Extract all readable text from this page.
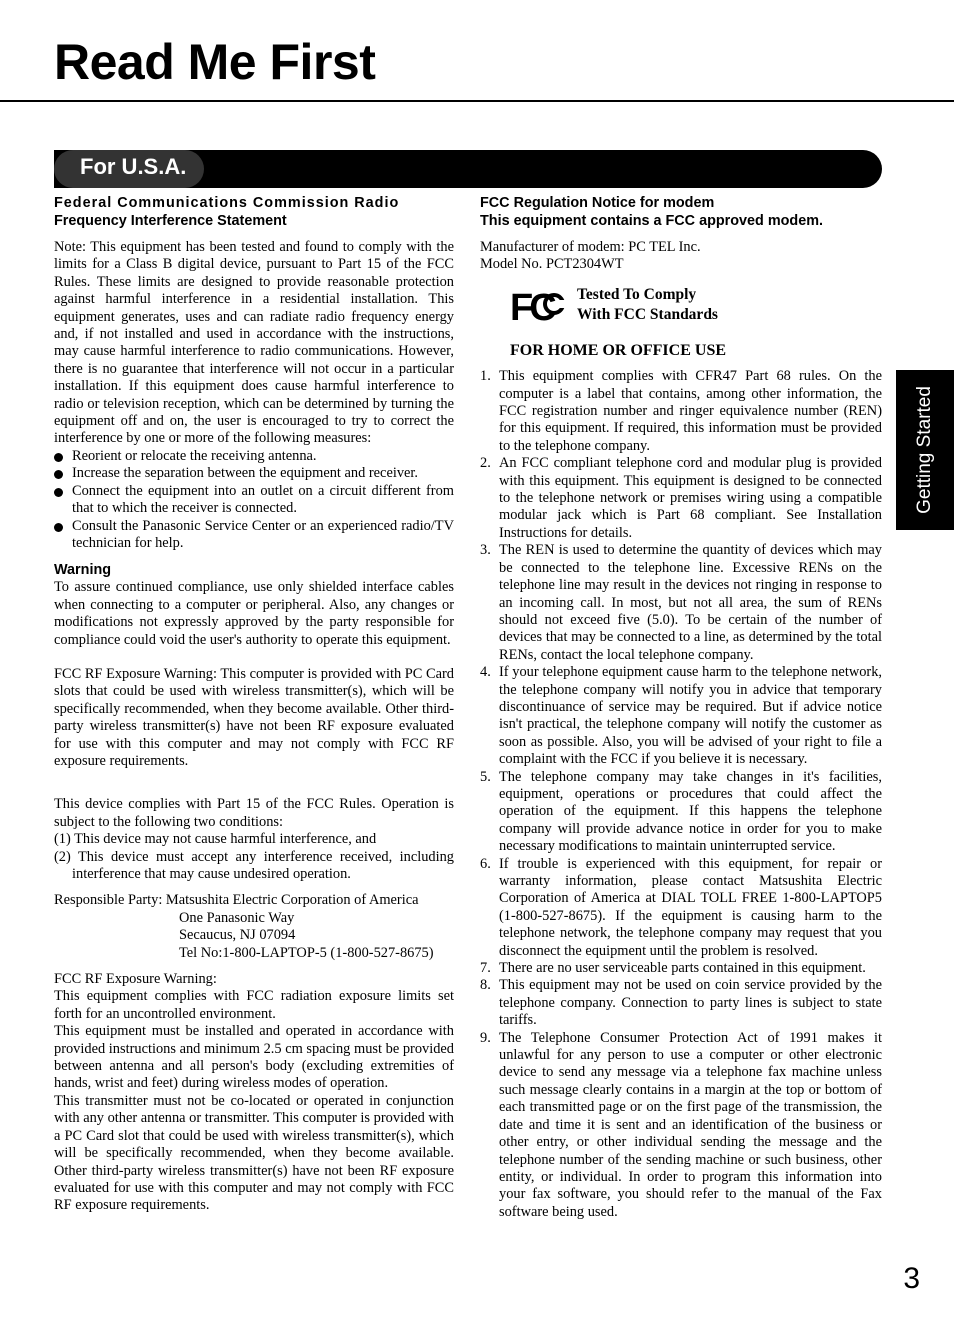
Read Me First
For U.S.A.
Getting Started
Federal Communications Commission Radio
Frequency Interference Statement

Note: This equipment has been tested and found to comply with the limits for a Class B digital device, pursuant to Part 15 of the FCC Rules. These limits are designed to provide reasonable protection against harmful interference in a residential installation. This equipment generates, uses and can radiate radio frequency energy and, if not installed and used in accordance with the instructions, may cause harmful interference to radio communications. However, there is no guarantee that interference will not occur in a particular installation. If this equipment does cause harmful interference to radio or television reception, which can be determined by turning the equipment off and on, the user is encouraged to try to correct the interference by one or more of the following measures:

Reorient or relocate the receiving antenna.
Increase the separation between the equipment and receiver.
Connect the equipment into an outlet on a circuit different from that to which the receiver is connected.
Consult the Panasonic Service Center or an experienced radio/TV technician for help.
Warning

To assure continued compliance, use only shielded interface cables when connecting to a computer or peripheral. Also, any changes or modifications not expressly approved by the party responsible for compliance could void the user's authority to operate this equipment.

FCC RF Exposure Warning: This computer is provided with PC Card slots that could be used with wireless transmitter(s), which will be specifically recommended, when they become available. Other third-party wireless transmitter(s) have not been RF exposure evaluated for use with this computer and may not comply with FCC RF exposure requirements.

This device complies with Part 15 of the FCC Rules. Operation is subject to the following two conditions:

(1) This device may not cause harmful interference, and

(2) This device must accept any interference received, including interference that may cause undesired operation.

Responsible Party: Matsushita Electric Corporation of America

One Panasonic Way
Secaucus, NJ 07094
Tel No:1-800-LAPTOP-5 (1-800-527-8675)

FCC RF Exposure Warning:

This equipment complies with FCC radiation exposure limits set forth for an uncontrolled environment.

This equipment must be installed and operated in accordance with provided instructions and minimum 2.5 cm spacing must be provided between antenna and all person's body (excluding extremities of hands, wrist and feet) during wireless modes of operation.

This transmitter must not be co-located or operated in conjunction with any other antenna or transmitter. This computer is provided with a PC Card slot that could be used with wireless transmitter(s), which will be specifically recommended, when they become available. Other third-party wireless transmitter(s) have not been RF exposure evaluated for use with this computer and may not comply with FCC RF exposure requirements.

FCC Regulation Notice for modem
This equipment contains a FCC approved modem.

Manufacturer of modem: PC TEL Inc.

Model No. PCT2304WT

FC Tested To Comply
With FCC Standards
FOR HOME OR OFFICE USE
1. This equipment complies with CFR47 Part 68 rules. On the computer is a label that contains, among other information, the FCC registration number and ringer equivalence number (REN) for this equipment. If required, this information must be provided to the telephone company.
2. An FCC compliant telephone cord and modular plug is provided with this equipment. This equipment is designed to be connected to the telephone network or premises wiring using a compatible modular jack which is Part 68 compliant. See Installation Instructions for details.
3. The REN is used to determine the quantity of devices which may be connected to the telephone line. Excessive RENs on the telephone line may result in the devices not ringing in response to an incoming call. In most, but not all area, the sum of RENs should not exceed five (5.0). To be certain of the number of devices that may be connected to a line, as determined by the total RENs, contact the local telephone company.
4. If your telephone equipment cause harm to the telephone network, the telephone company will notify you in advice that temporary discontinuance of service may be required. But if advice notice isn't practical, the telephone company will notify the customer as soon as possible. Also, you will be advised of your right to file a complaint with the FCC if you believe it is necessary.
5. The telephone company may take changes in it's facilities, equipment, operations or procedures that could affect the operation of the equipment. If this happens the telephone company will provide advance notice in order for you to make necessary modifications to maintain uninterrupted service.
6. If trouble is experienced with this equipment, for repair or warranty information, please contact Matsushita Electric Corporation of America at DIAL TOLL FREE 1-800-LAPTOP5 (1-800-527-8675). If the equipment is causing harm to the telephone network, the telephone company may request that you disconnect the equipment until the problem is resolved.
7. There are no user serviceable parts contained in this equipment.
8. This equipment may not be used on coin service provided by the telephone company. Connection to party lines is subject to state tariffs.
9. The Telephone Consumer Protection Act of 1991 makes it unlawful for any person to use a computer or other electronic device to send any message via a telephone fax machine unless such message clearly contains in a margin at the top or bottom of each transmitted page or on the first page of the transmission, the date and time it is sent and an identification of the business or other entry, or other individual sending the message and the telephone number of the sending machine or such business, other entity, or individual. In order to program this information into your fax software, you should refer to the manual of the Fax software being used.
3
